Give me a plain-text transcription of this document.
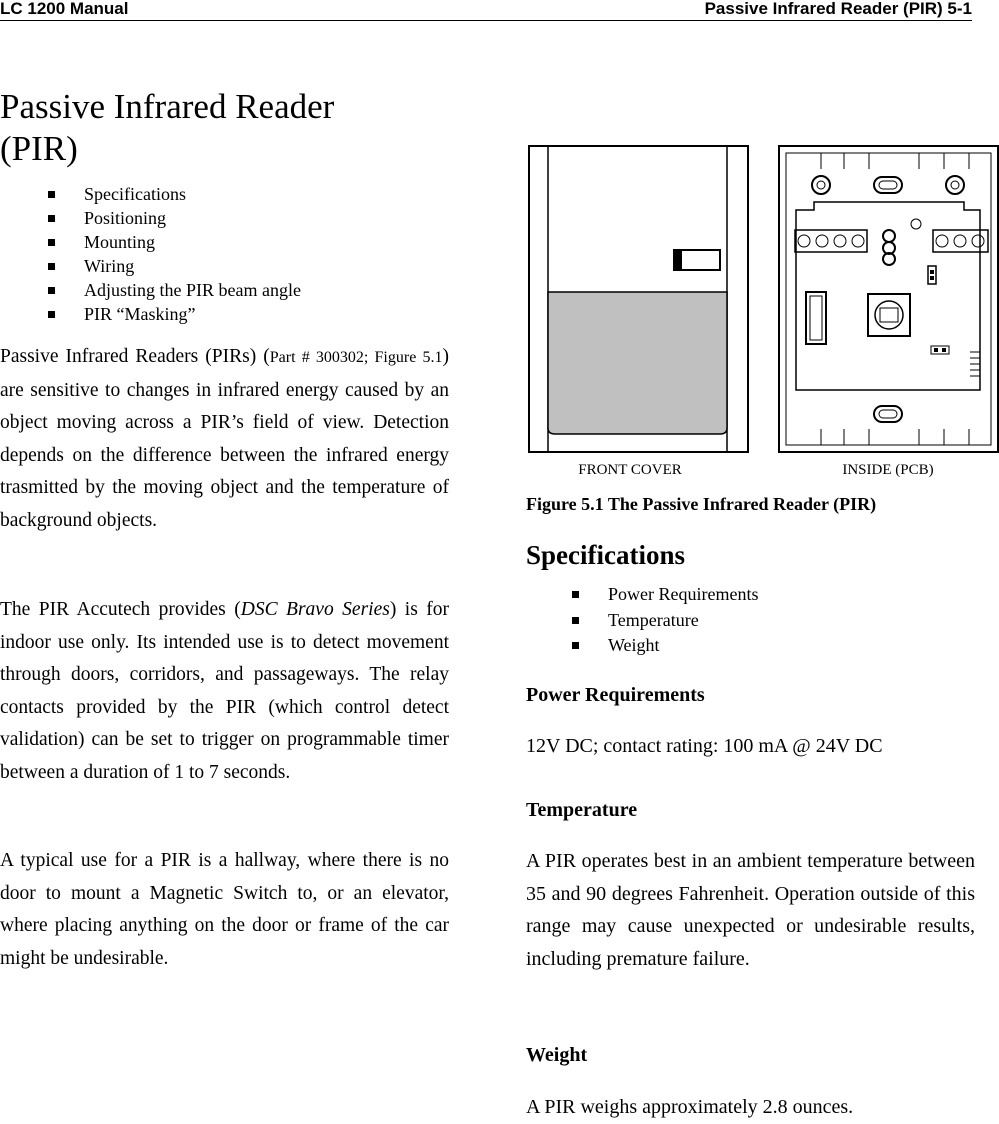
LC 1200 Manual	Passive Infrared Reader (PIR) 5-1
Passive Infrared Reader (PIR)
Specifications
Positioning
Mounting
Wiring
Adjusting the PIR beam angle
PIR “Masking”
Passive Infrared Readers (PIRs) (Part # 300302; Figure 5.1) are sensitive to changes in infrared energy caused by an object moving across a PIR’s field of view. Detection depends on the difference between the infrared energy trasmitted by the moving object and the temperature of background objects.
The PIR Accutech provides (DSC Bravo Series) is for indoor use only. Its intended use is to detect movement through doors, corridors, and passageways. The relay contacts provided by the PIR (which control detect validation) can be set to trigger on programmable timer between a duration of 1 to 7 seconds.
A typical use for a PIR is a hallway, where there is no door to mount a Magnetic Switch to, or an elevator, where placing anything on the door or frame of the car might be undesirable.
FRONT COVER	INSIDE (PCB)
Figure 5.1 The Passive Infrared Reader (PIR)
Specifications
Power Requirements
Temperature
Weight
Power Requirements
12V DC; contact rating: 100 mA @ 24V DC
Temperature
A PIR operates best in an ambient temperature between 35 and 90 degrees Fahrenheit. Operation outside of this range may cause unexpected or undesirable results, including premature failure.
Weight
A PIR weighs approximately 2.8 ounces.
